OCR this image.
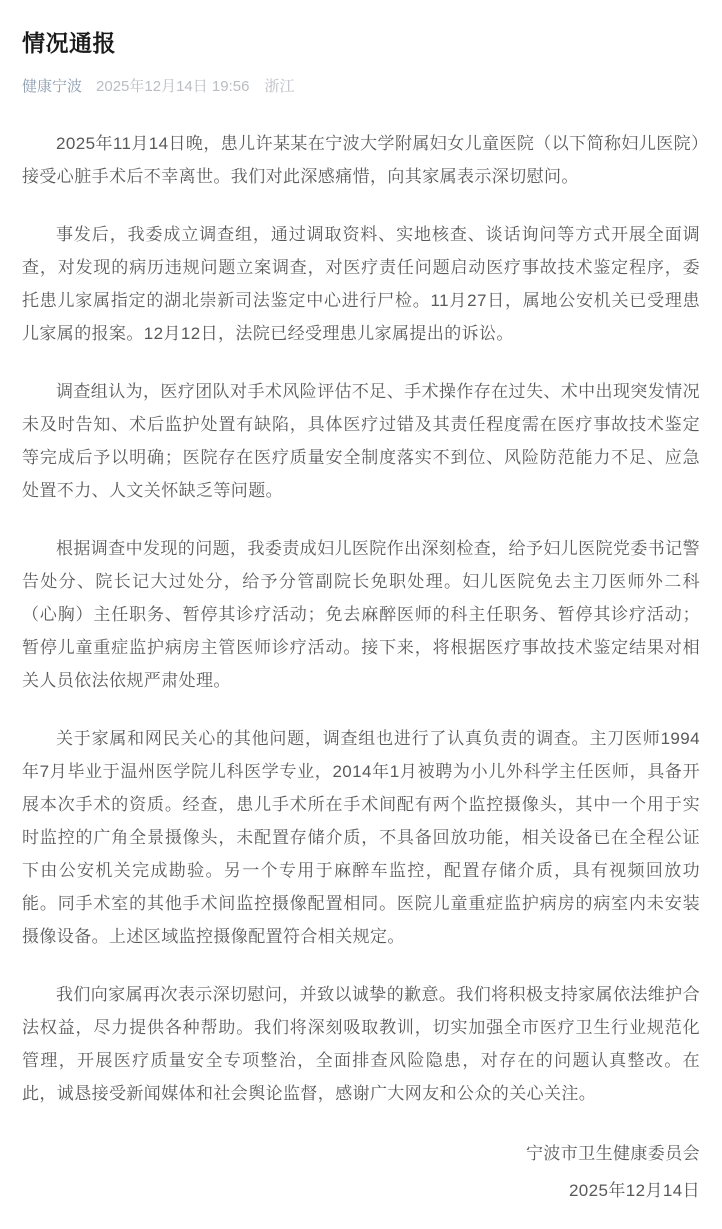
情况通报
健康宁波 2025年12月14日 19:56 浙江

2025年11月14日晚，患儿许某某在宁波大学附属妇女儿童医院（以下简称妇儿医院）接受心脏手术后不幸离世。我们对此深感痛惜，向其家属表示深切慰问。

事发后，我委成立调查组，通过调取资料、实地核查、谈话询问等方式开展全面调查，对发现的病历违规问题立案调查，对医疗责任问题启动医疗事故技术鉴定程序，委托患儿家属指定的湖北崇新司法鉴定中心进行尸检。11月27日，属地公安机关已受理患儿家属的报案。12月12日，法院已经受理患儿家属提出的诉讼。

调查组认为，医疗团队对手术风险评估不足、手术操作存在过失、术中出现突发情况未及时告知、术后监护处置有缺陷，具体医疗过错及其责任程度需在医疗事故技术鉴定等完成后予以明确；医院存在医疗质量安全制度落实不到位、风险防范能力不足、应急处置不力、人文关怀缺乏等问题。

根据调查中发现的问题，我委责成妇儿医院作出深刻检查，给予妇儿医院党委书记警告处分、院长记大过处分，给予分管副院长免职处理。妇儿医院免去主刀医师外二科（心胸）主任职务、暂停其诊疗活动；免去麻醉医师的科主任职务、暂停其诊疗活动；暂停儿童重症监护病房主管医师诊疗活动。接下来，将根据医疗事故技术鉴定结果对相关人员依法依规严肃处理。

关于家属和网民关心的其他问题，调查组也进行了认真负责的调查。主刀医师1994年7月毕业于温州医学院儿科医学专业，2014年1月被聘为小儿外科学主任医师，具备开展本次手术的资质。经查，患儿手术所在手术间配有两个监控摄像头，其中一个用于实时监控的广角全景摄像头，未配置存储介质，不具备回放功能，相关设备已在全程公证下由公安机关完成勘验。另一个专用于麻醉车监控，配置存储介质，具有视频回放功能。同手术室的其他手术间监控摄像配置相同。医院儿童重症监护病房的病室内未安装摄像设备。上述区域监控摄像配置符合相关规定。

我们向家属再次表示深切慰问，并致以诚挚的歉意。我们将积极支持家属依法维护合法权益，尽力提供各种帮助。我们将深刻吸取教训，切实加强全市医疗卫生行业规范化管理，开展医疗质量安全专项整治，全面排查风险隐患，对存在的问题认真整改。在此，诚恳接受新闻媒体和社会舆论监督，感谢广大网友和公众的关心关注。

宁波市卫生健康委员会
2025年12月14日
